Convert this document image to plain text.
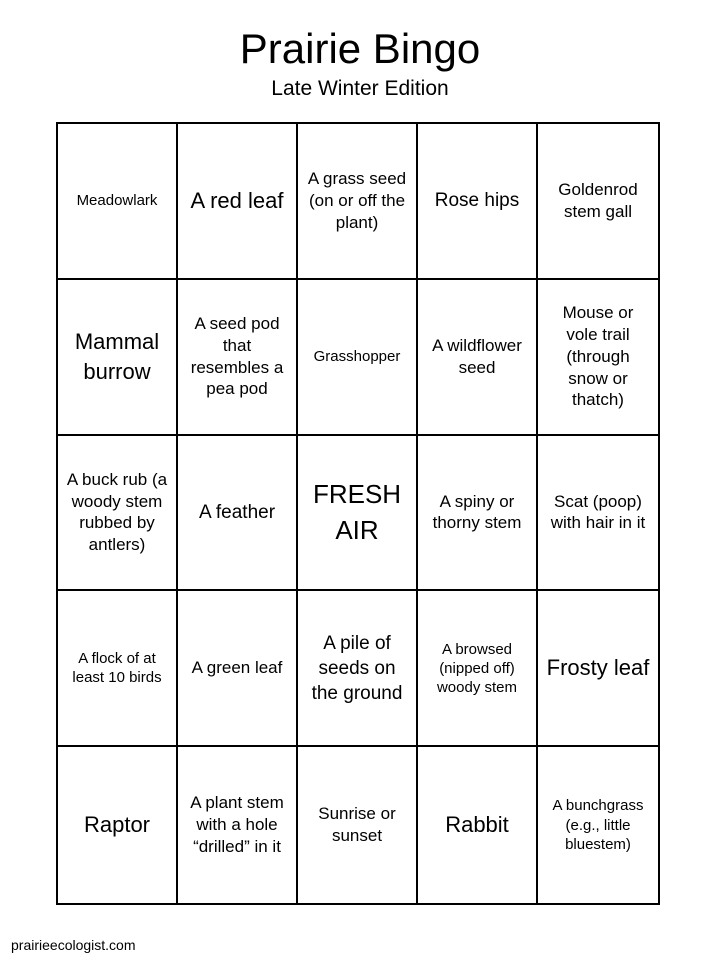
Prairie Bingo
Late Winter Edition
Meadowlark	A red leaf
A grass seed (on or off the plant)
Rose hips
Goldenrod stem gall
Mammal burrow
A seed pod that resembles a pea pod
Grasshopper
A wildflower seed
Mouse or vole trail (through snow or thatch)
A buck rub (a woody stem rubbed by antlers)
A feather
FRESH AIR
A spiny or thorny stem
Scat (poop) with hair in it
A flock of at least 10 birds
A green leaf
A pile of seeds on the ground
A browsed (nipped off) woody stem
Frosty leaf
Raptor
A plant stem with a hole “drilled” in it
Sunrise or sunset	Rabbit
A bunchgrass (e.g., little bluestem)
prairieecologist.com
